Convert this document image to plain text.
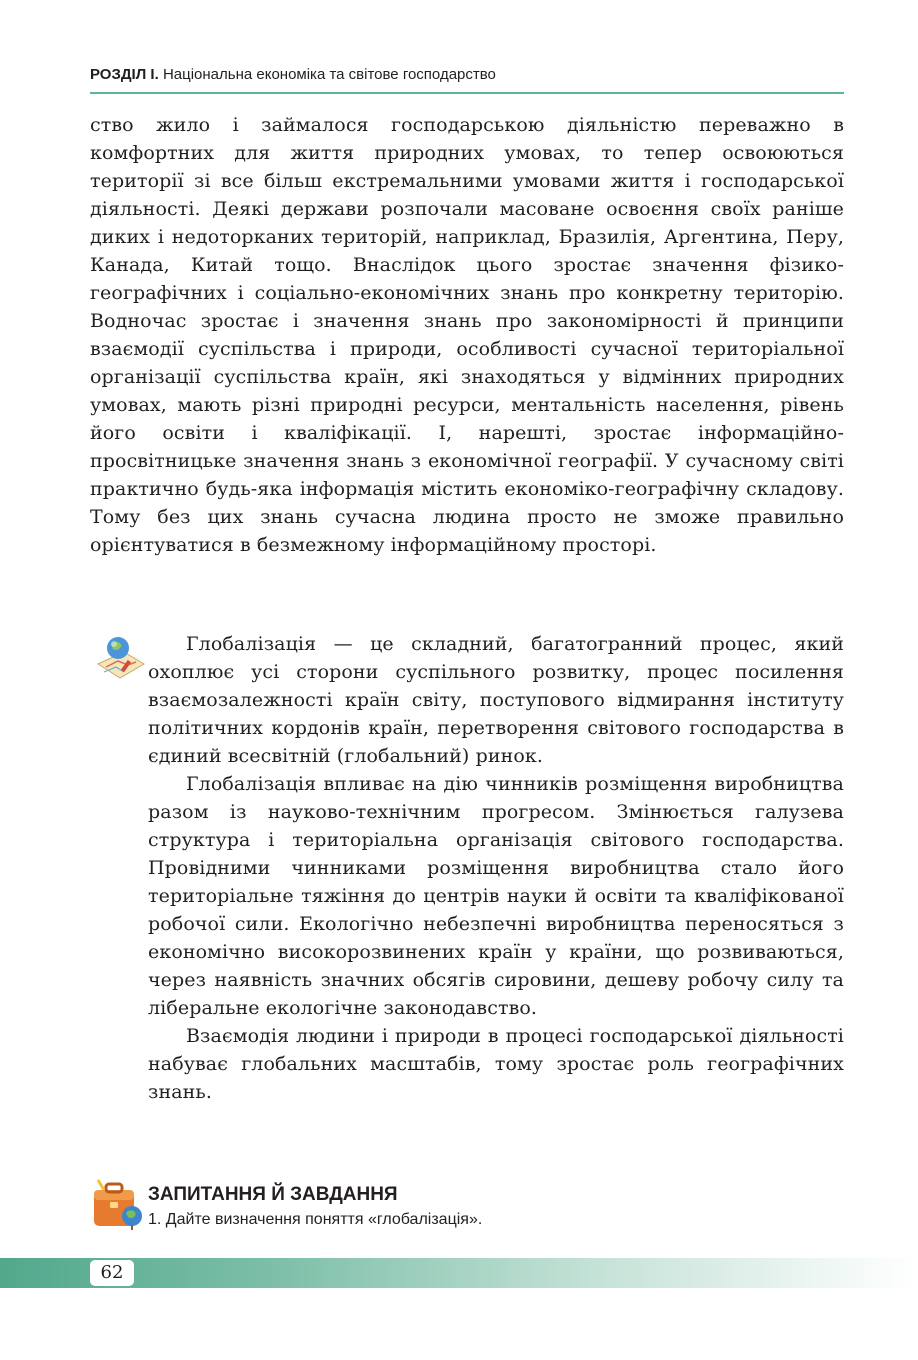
РОЗДІЛ I. Національна економіка та світове господарство

ство жило і займалося господарською діяльністю переважно в комфортних для життя природних умовах, то тепер освоюються території зі все більш екстремальними умовами життя і господарської діяльності. Деякі держави розпочали масоване освоєння своїх раніше диких і недоторканих територій, наприклад, Бразилія, Аргентина, Перу, Канада, Китай тощо. Внаслідок цього зростає значення фізико-географічних і соціально-економічних знань про конкретну територію. Водночас зростає і значення знань про закономірності й принципи взаємодії суспільства і природи, особливості сучасної територіальної організації суспільства країн, які знаходяться у відмінних природних умовах, мають різні природні ресурси, ментальність населення, рівень його освіти і кваліфікації. І, нарешті, зростає інформаційно-просвітницьке значення знань з економічної географії. У сучасному світі практично будь-яка інформація містить економіко-географічну складову. Тому без цих знань сучасна людина просто не зможе правильно орієнтуватися в безмежному інформаційному просторі.

Глобалізація — це складний, багатогранний процес, який охоплює усі сторони суспільного розвитку, процес посилення взаємозалежності країн світу, поступового відмирання інституту політичних кордонів країн, перетворення світового господарства в єдиний всесвітній (глобальний) ринок.

Глобалізація впливає на дію чинників розміщення виробництва разом із науково-технічним прогресом. Змінюється галузева структура і територіальна організація світового господарства. Провідними чинниками розміщення виробництва стало його територіальне тяжіння до центрів науки й освіти та кваліфікованої робочої сили. Екологічно небезпечні виробництва переносяться з економічно високорозвинених країн у країни, що розвиваються, через наявність значних обсягів сировини, дешеву робочу силу та ліберальне екологічне законодавство.

Взаємодія людини і природи в процесі господарської діяльності набуває глобальних масштабів, тому зростає роль географічних знань.

ЗАПИТАННЯ Й ЗАВДАННЯ
1. Дайте визначення поняття «глобалізація».
62
